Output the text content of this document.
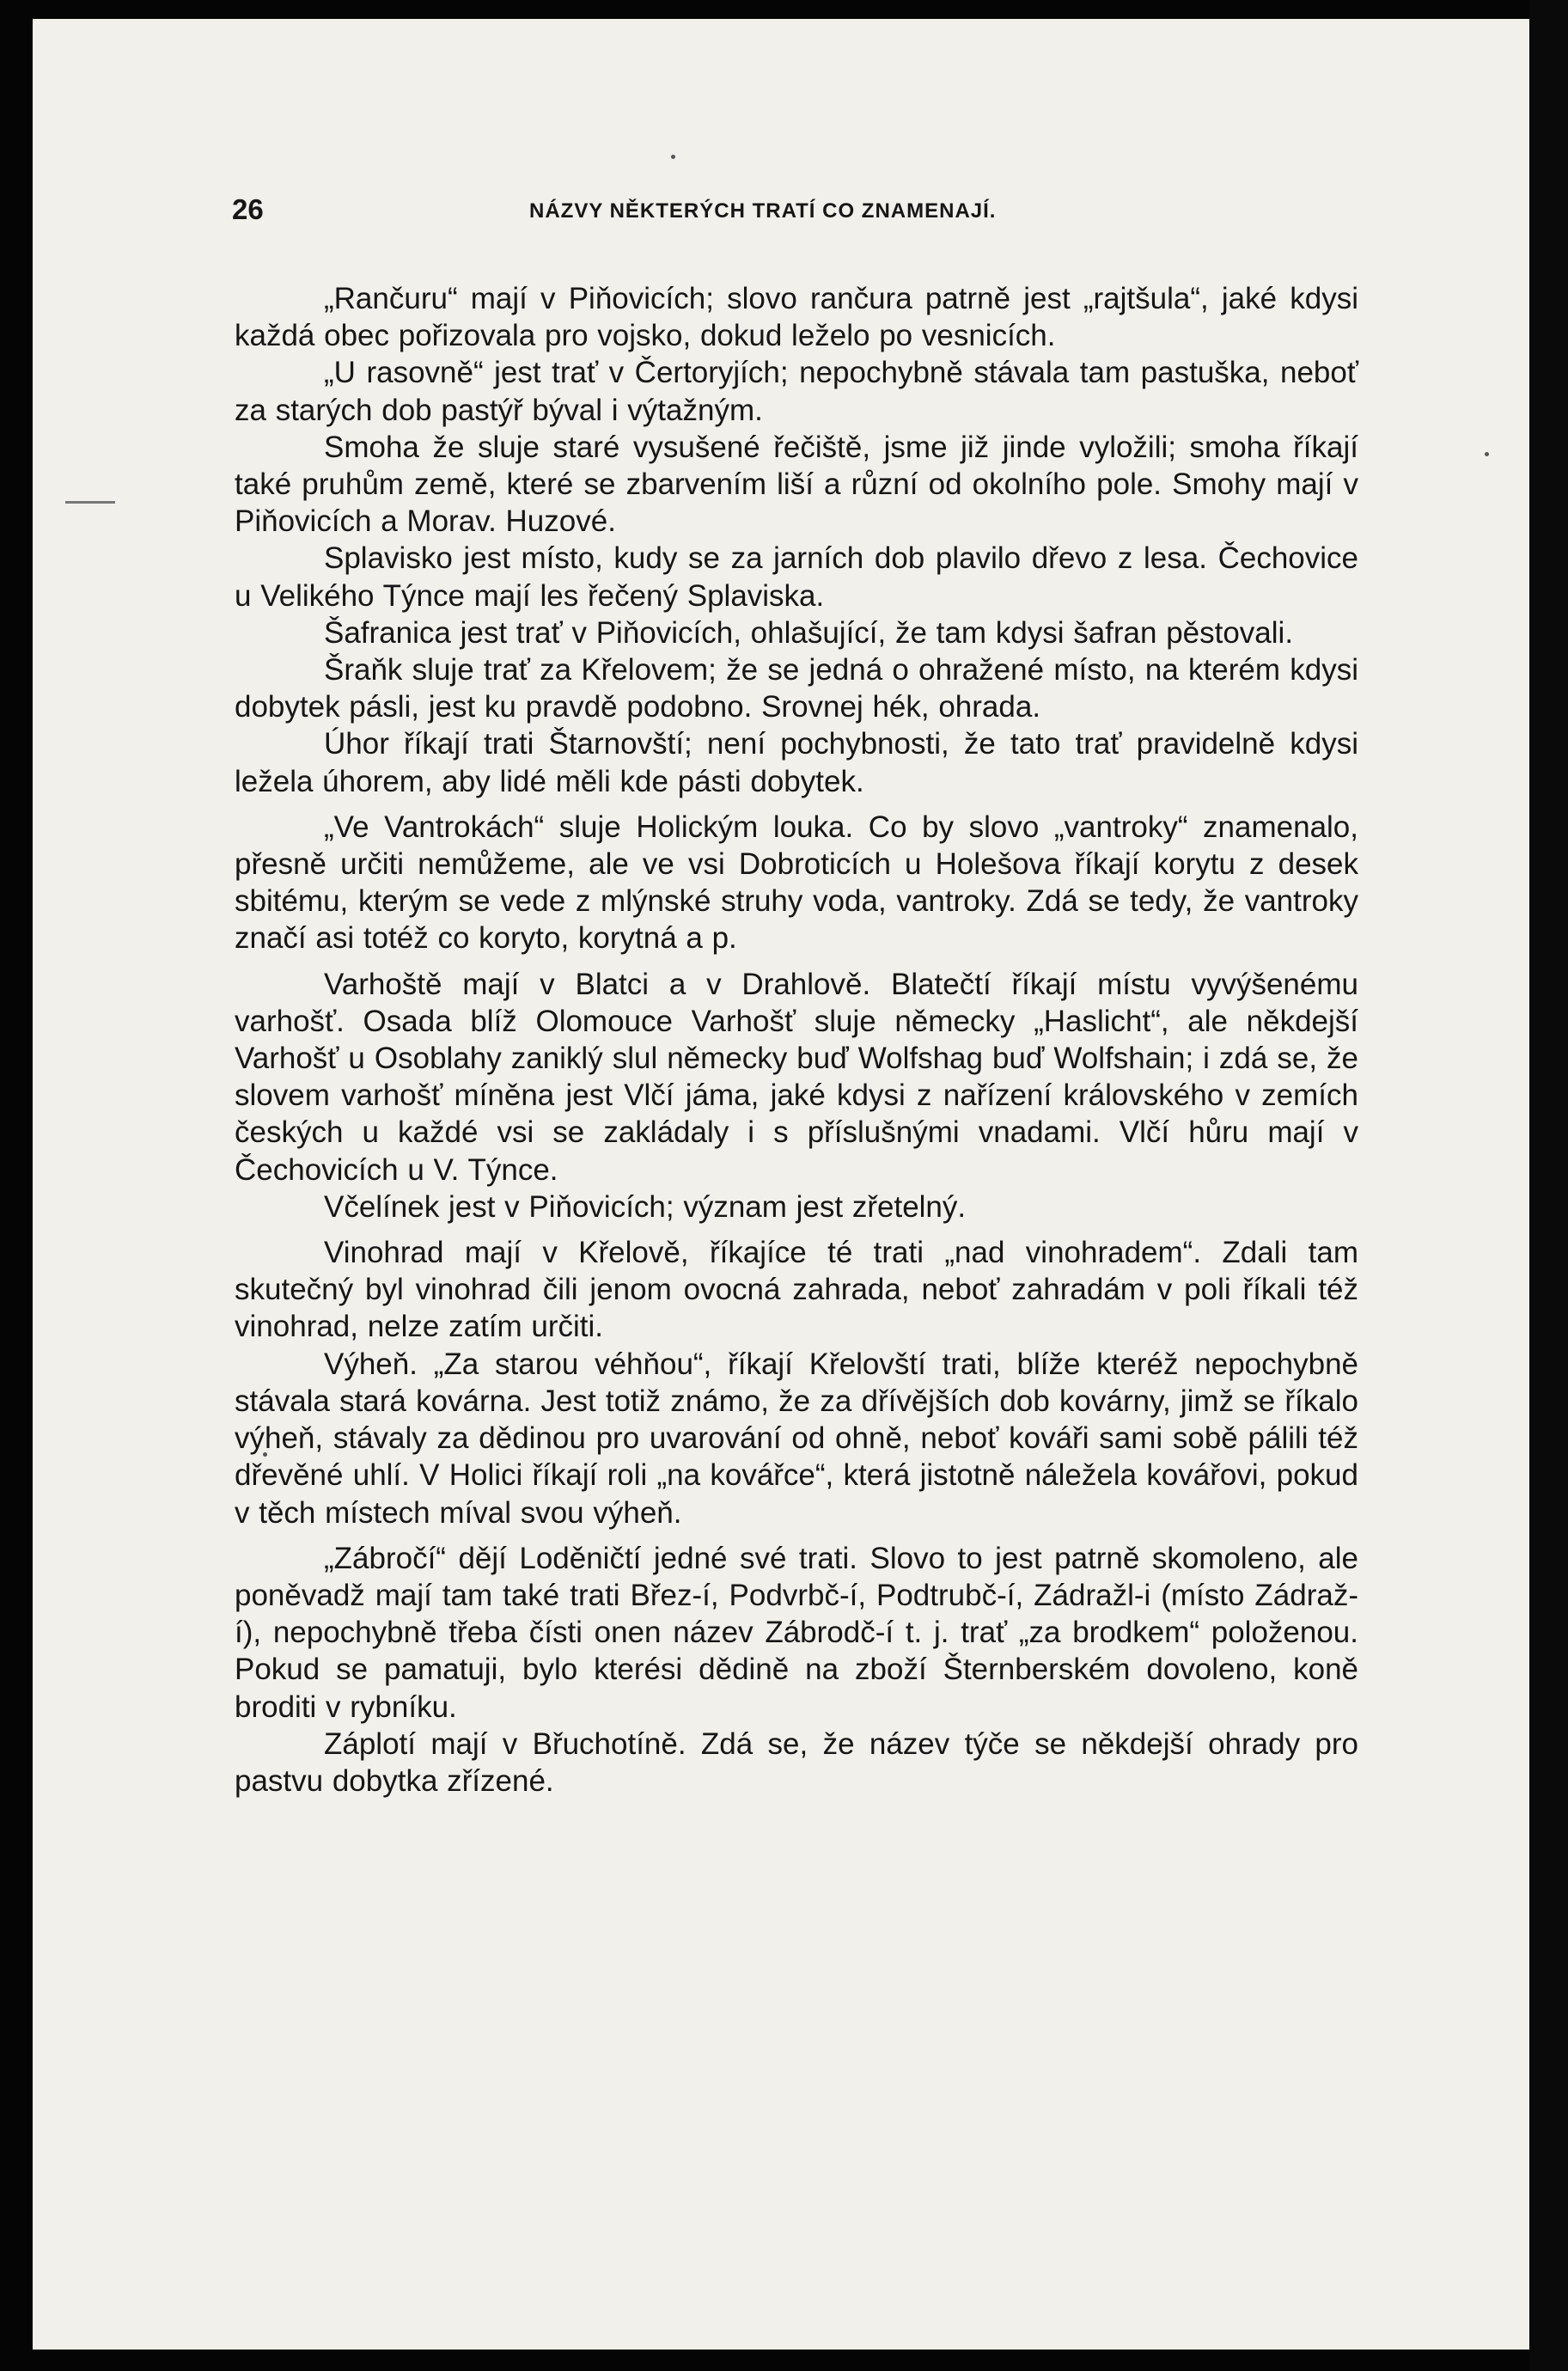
26	NÁZVY NĚKTERÝCH TRATÍ CO ZNAMENAJÍ.

„Rančuru“ mají v Piňovicích; slovo rančura patrně jest „rajtšula“, jaké kdysi každá obec pořizovala pro vojsko, dokud leželo po vesnicích.

„U rasovně“ jest trať v Čertoryjích; nepochybně stávala tam pastuška, neboť za starých dob pastýř býval i výtažným.

Smoha že sluje staré vysušené řečiště, jsme již jinde vyložili; smoha říkají také pruhům země, které se zbarvením liší a různí od okolního pole. Smohy mají v Piňovicích a Morav. Huzové.

Splavisko jest místo, kudy se za jarních dob plavilo dřevo z lesa. Čechovice u Velikého Týnce mají les řečený Splaviska.

Šafranica jest trať v Piňovicích, ohlašující, že tam kdysi šafran pěstovali.

Šraňk sluje trať za Křelovem; že se jedná o ohražené místo, na kterém kdysi dobytek pásli, jest ku pravdě podobno. Srovnej hék, ohrada.

Úhor říkají trati Štarnovští; není pochybnosti, že tato trať pravidelně kdysi ležela úhorem, aby lidé měli kde pásti dobytek.

„Ve Vantrokách“ sluje Holickým louka. Co by slovo „vantroky“ znamenalo, přesně určiti nemůžeme, ale ve vsi Dobroticích u Holešova říkají korytu z desek sbitému, kterým se vede z mlýnské struhy voda, vantroky. Zdá se tedy, že vantroky značí asi totéž co koryto, korytná a p.

Varhoště mají v Blatci a v Drahlově. Blatečtí říkají místu vyvýšenému varhošť. Osada blíž Olomouce Varhošť sluje německy „Haslicht“, ale někdejší Varhošť u Osoblahy zaniklý slul německy buď Wolfshag buď Wolfshain; i zdá se, že slovem varhošť míněna jest Vlčí jáma, jaké kdysi z nařízení královského v zemích českých u každé vsi se zakládaly i s příslušnými vnadami. Vlčí hůru mají v Čechovicích u V. Týnce.

Včelínek jest v Piňovicích; význam jest zřetelný.

Vinohrad mají v Křelově, říkajíce té trati „nad vinohradem“. Zdali tam skutečný byl vinohrad čili jenom ovocná zahrada, neboť zahradám v poli říkali též vinohrad, nelze zatím určiti.

Výheň. „Za starou véhňou“, říkají Křelovští trati, blíže kteréž nepochybně stávala stará kovárna. Jest totiž známo, že za dřívějších dob kovárny, jimž se říkalo výheň, stávaly za dědinou pro uvarování od ohně, neboť kováři sami sobě pálili též dřevěné uhlí. V Holici říkají roli „na kovářce“, která jistotně náležela kovářovi, pokud v těch místech míval svou výheň.

„Zábročí“ dějí Loděničtí jedné své trati. Slovo to jest patrně skomoleno, ale poněvadž mají tam také trati Břez-í, Podvrbč-í, Podtrubč-í, Zádražl-i (místo Zádraž-í), nepochybně třeba čísti onen název Zábrodč-í t. j. trať „za brodkem“ položenou. Pokud se pamatuji, bylo kterési dědině na zboží Šternberském dovoleno, koně broditi v rybníku.

Záplotí mají v Břuchotíně. Zdá se, že název týče se někdejší ohrady pro pastvu dobytka zřízené.
